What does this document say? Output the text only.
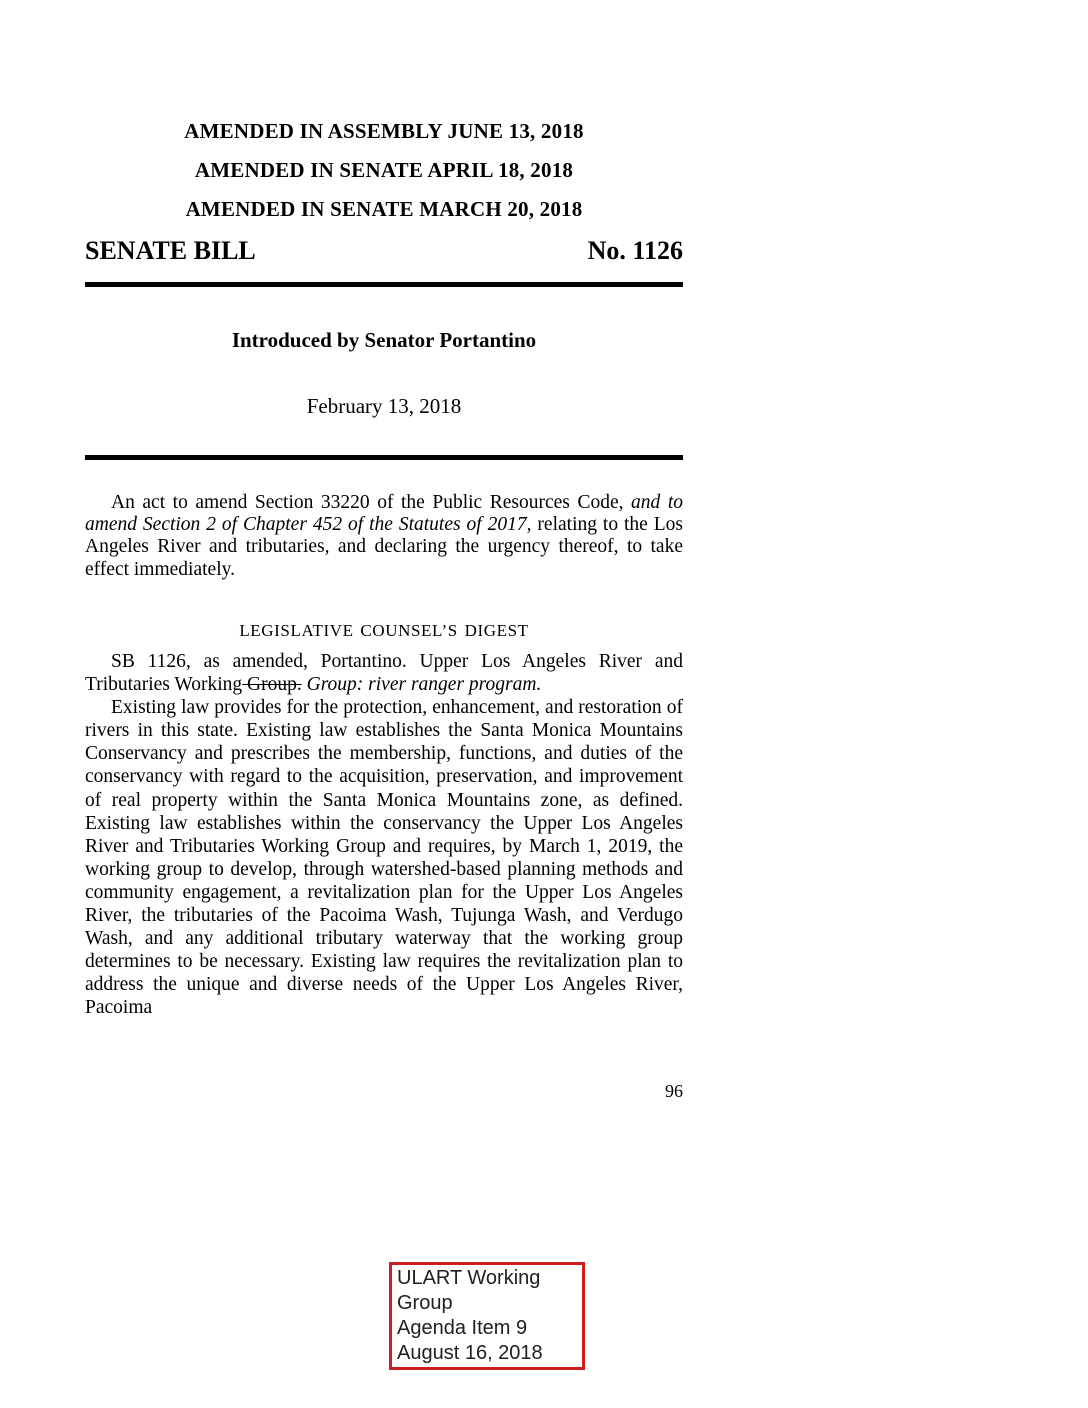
AMENDED IN ASSEMBLY JUNE 13, 2018
AMENDED IN SENATE APRIL 18, 2018
AMENDED IN SENATE MARCH 20, 2018
SENATE BILL	No. 1126
Introduced by Senator Portantino
February 13, 2018

An act to amend Section 33220 of the Public Resources Code, and to amend Section 2 of Chapter 452 of the Statutes of 2017, relating to the Los Angeles River and tributaries, and declaring the urgency thereof, to take effect immediately.

LEGISLATIVE COUNSEL’S DIGEST

SB 1126, as amended, Portantino. Upper Los Angeles River and Tributaries Working Group. Group: river ranger program.

Existing law provides for the protection, enhancement, and restoration of rivers in this state. Existing law establishes the Santa Monica Mountains Conservancy and prescribes the membership, functions, and duties of the conservancy with regard to the acquisition, preservation, and improvement of real property within the Santa Monica Mountains zone, as defined. Existing law establishes within the conservancy the Upper Los Angeles River and Tributaries Working Group and requires, by March 1, 2019, the working group to develop, through watershed-based planning methods and community engagement, a revitalization plan for the Upper Los Angeles River, the tributaries of the Pacoima Wash, Tujunga Wash, and Verdugo Wash, and any additional tributary waterway that the working group determines to be necessary. Existing law requires the revitalization plan to address the unique and diverse needs of the Upper Los Angeles River, Pacoima

96
ULART Working
Group
Agenda Item 9
August 16, 2018
